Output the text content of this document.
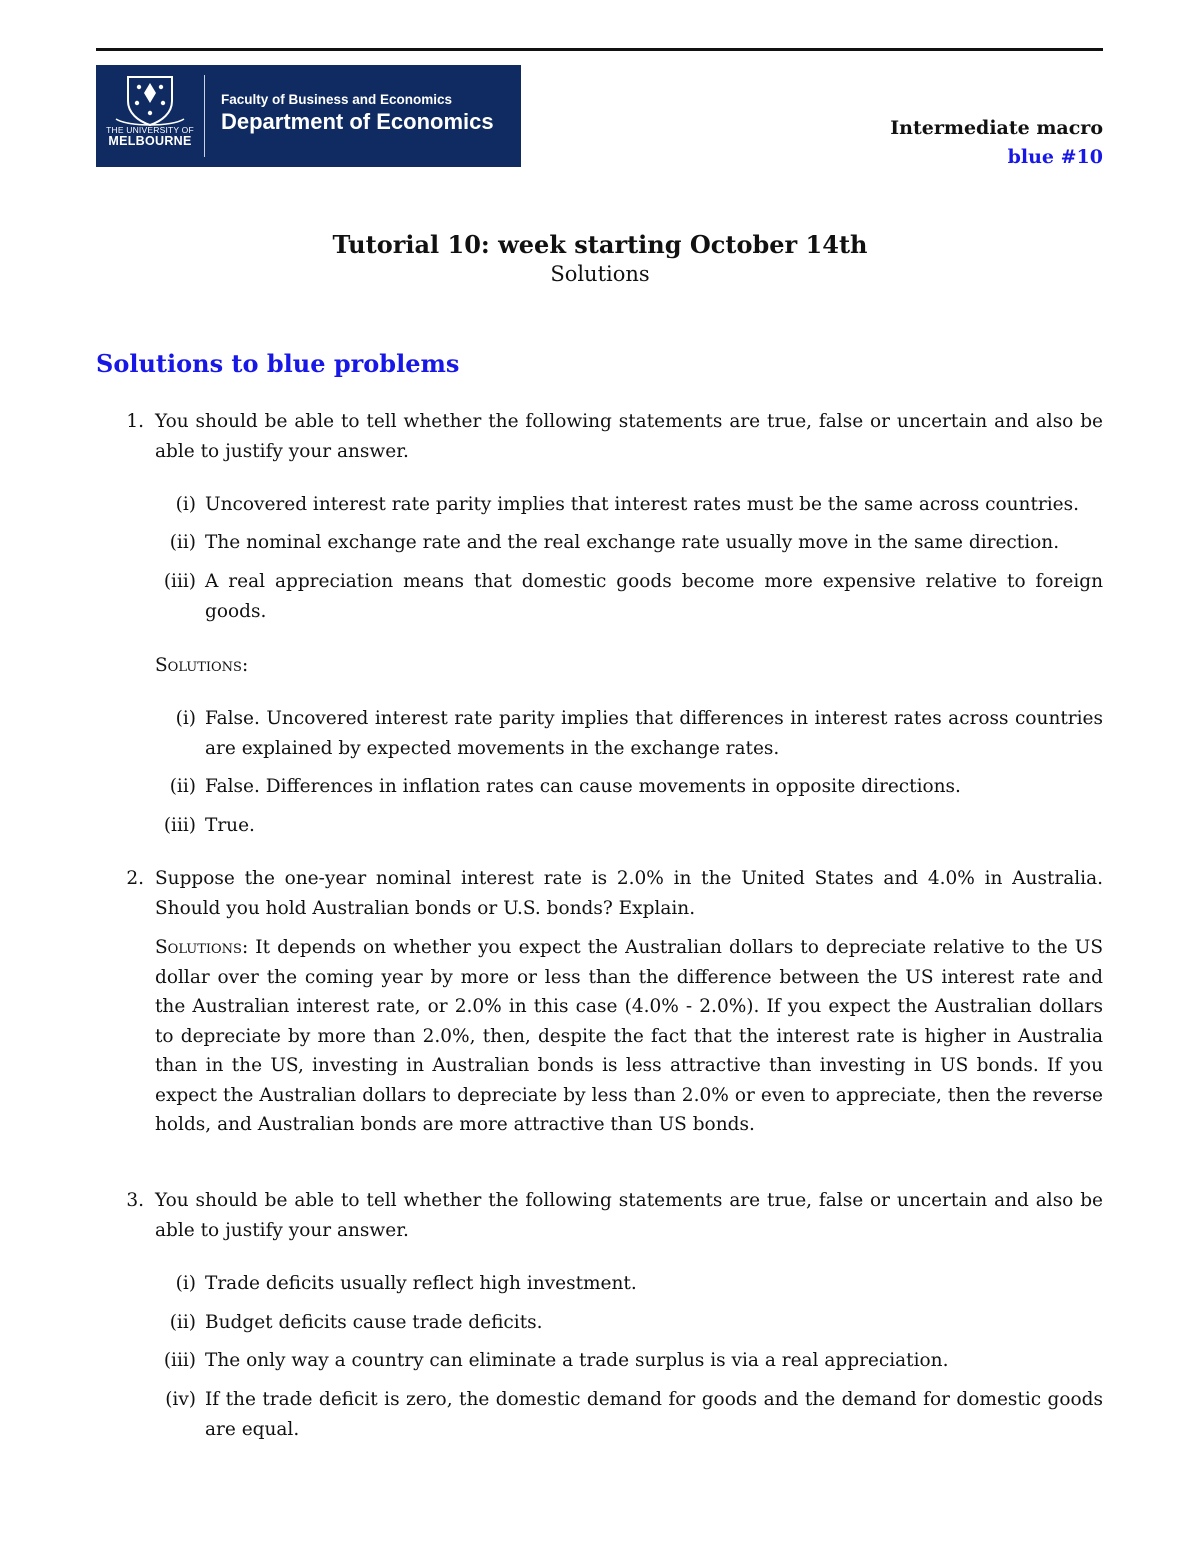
THE UNIVERSITY OF
MELBOURNE
Faculty of Business and Economics
Department of Economics	Intermediate macro
blue #10
Tutorial 10: week starting October 14th
Solutions
Solutions to blue problems
1. You should be able to tell whether the following statements are true, false or uncertain and also be able to justify your answer.
(i) Uncovered interest rate parity implies that interest rates must be the same across countries.
(ii) The nominal exchange rate and the real exchange rate usually move in the same direction.
(iii) A real appreciation means that domestic goods become more expensive relative to foreign goods.
Solutions:
(i) False. Uncovered interest rate parity implies that differences in interest rates across countries are explained by expected movements in the exchange rates.
(ii) False. Differences in inflation rates can cause movements in opposite directions.
(iii) True.
2. Suppose the one-year nominal interest rate is 2.0% in the United States and 4.0% in Australia. Should you hold Australian bonds or U.S. bonds? Explain.
Solutions: It depends on whether you expect the Australian dollars to depreciate relative to the US dollar over the coming year by more or less than the difference between the US interest rate and the Australian interest rate, or 2.0% in this case (4.0% - 2.0%). If you expect the Australian dollars to depreciate by more than 2.0%, then, despite the fact that the interest rate is higher in Australia than in the US, investing in Australian bonds is less attractive than investing in US bonds. If you expect the Australian dollars to depreciate by less than 2.0% or even to appreciate, then the reverse holds, and Australian bonds are more attractive than US bonds.
3. You should be able to tell whether the following statements are true, false or uncertain and also be able to justify your answer.
(i) Trade deficits usually reflect high investment.
(ii) Budget deficits cause trade deficits.
(iii) The only way a country can eliminate a trade surplus is via a real appreciation.
(iv) If the trade deficit is zero, the domestic demand for goods and the demand for domestic goods are equal.
